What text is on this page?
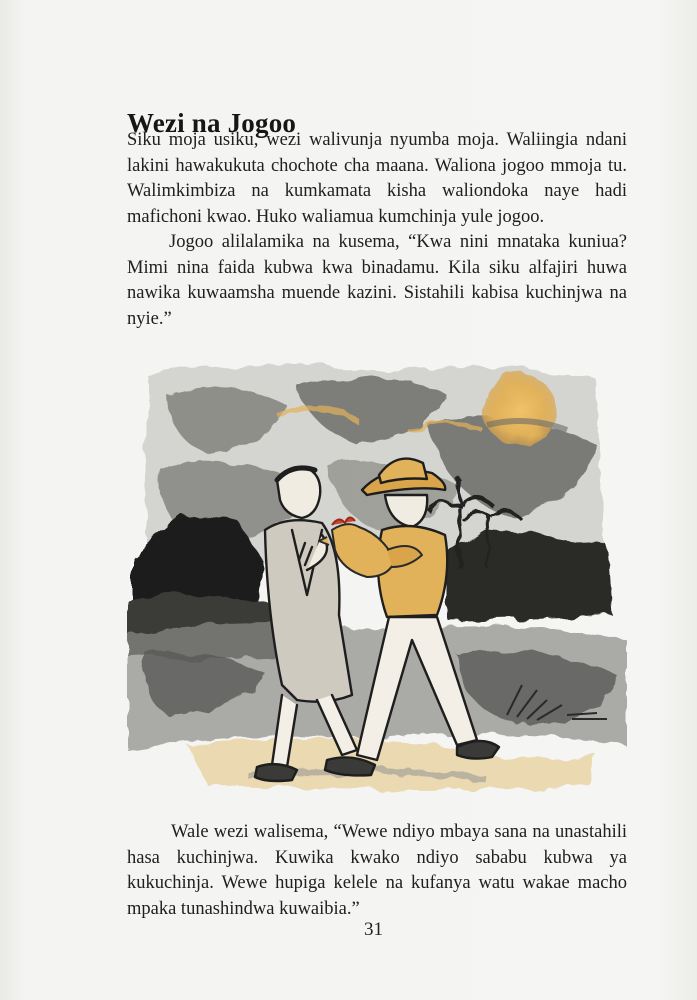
Wezi na Jogoo

Siku moja usiku, wezi walivunja nyumba moja. Waliingia ndani lakini hawakukuta chochote cha maana. Waliona jogoo mmoja tu. Walimkimbiza na kumkamata kisha waliondoka naye hadi mafichoni kwao. Huko waliamua kumchinja yule jogoo.

Jogoo alilalamika na kusema, “Kwa nini mnataka kuniua? Mimi nina faida kubwa kwa binadamu. Kila siku alfajiri huwa nawika kuwaamsha muende kazini. Sistahili kabisa kuchinjwa na nyie.”

Wale wezi walisema, “Wewe ndiyo mbaya sana na unastahili hasa kuchinjwa. Kuwika kwako ndiyo sababu kubwa ya kukuchinja. Wewe hupiga kelele na kufanya watu wakae macho mpaka tunashindwa kuwaibia.”

31
